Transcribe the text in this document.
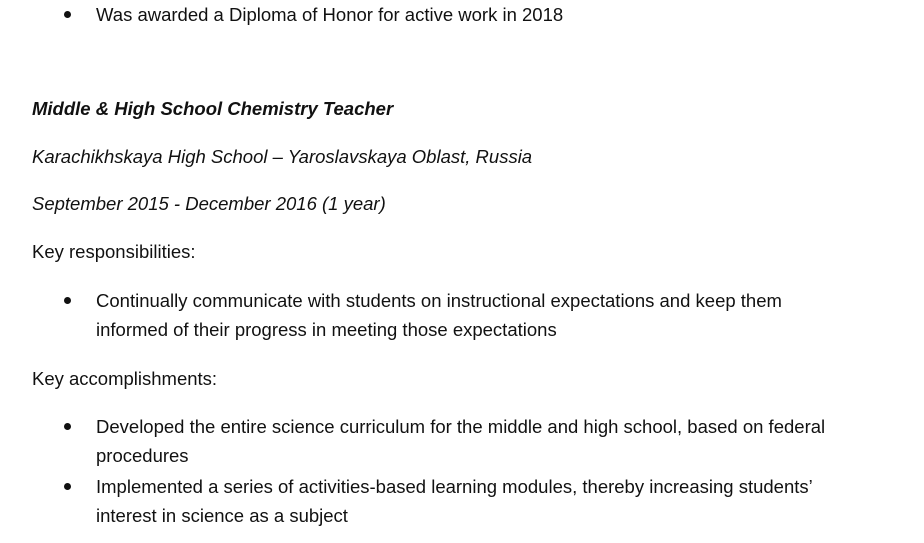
Was awarded a Diploma of Honor for active work in 2018
Middle & High School Chemistry Teacher
Karachikhskaya High School – Yaroslavskaya Oblast, Russia
September 2015 - December 2016 (1 year)
Key responsibilities:
Continually communicate with students on instructional expectations and keep them informed of their progress in meeting those expectations
Key accomplishments:
Developed the entire science curriculum for the middle and high school, based on federal procedures
Implemented a series of activities-based learning modules, thereby increasing students’ interest in science as a subject
